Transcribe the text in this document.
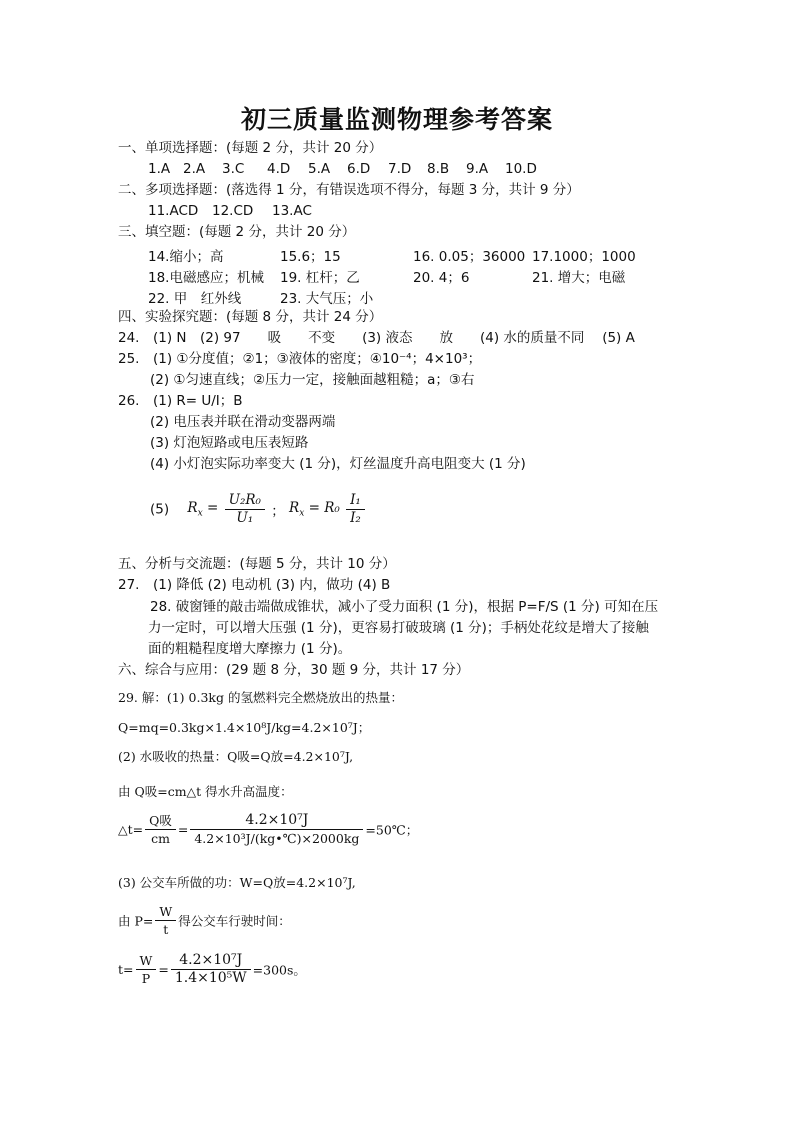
初三质量监测物理参考答案
一、单项选择题：(每题 2 分，共计 20 分）
1.A 2.A 3.C 4.D 5.A 6.D 7.D 8.B 9.A 10.D
二、多项选择题：(落选得 1 分，有错误选项不得分，每题 3 分，共计 9 分）
11.ACD 12.CD 13.AC
三、填空题：(每题 2 分，共计 20 分）
14.缩小；高	15.6；15	16. 0.05；36000 17.1000；1000
18.电磁感应；机械 19. 杠杆；乙	20. 4；6	21. 增大；电磁
22. 甲　红外线	23. 大气压；小
四、实验探究题：(每题 8 分，共计 24 分）
24.　(1) N　(2) 97　　吸　　不变　　(3) 液态　　放　　(4) 水的质量不同　 (5) A
25.　(1) ①分度值；②1；③液体的密度；④10⁻⁴；4×10³；
(2) ①匀速直线；②压力一定，接触面越粗糙；a；③右
26.　(1) R= U/I；B
(2) 电压表并联在滑动变器两端
(3) 灯泡短路或电压表短路
(4) 小灯泡实际功率变大 (1 分)，灯丝温度升高电阻变大 (1 分)
(5) $R_x = \frac{\text{U₂R₀}}{\text{U₁}}$ ； $R_x = R_0 \frac{\text{I₁}}{\text{I₂}}$
五、分析与交流题：(每题 5 分，共计 10 分）
27.　(1) 降低 (2) 电动机 (3) 内，做功 (4) B
28. 破窗锤的敲击端做成锥状，减小了受力面积 (1 分)，根据 P=F/S (1 分) 可知在压
力一定时，可以增大压强 (1 分)，更容易打破玻璃 (1 分)；手柄处花纹是增大了接触
面的粗糙程度增大摩擦力 (1 分)。
六、综合与应用：(29 题 8 分，30 题 9 分，共计 17 分）
29. 解：(1) 0.3kg 的氢燃料完全燃烧放出的热量：
Q=mq=0.3kg×1.4×10⁸J/kg=4.2×10⁷J；
(2) 水吸收的热量：Q吸=Q放=4.2×10⁷J,
由 Q吸=cm△t 得水升高温度：
△t= $\frac{\text{Q吸}}{cm} = \frac{\text{4.2×10⁷J}}{\text{4.2×10³J/(kg•℃)×2000kg}}$ =50℃；
(3) 公交车所做的功：W=Q放=4.2×10⁷J,
由 $P= \frac{W}{t}$ 得公交车行驶时间：
$t= \frac{W}{P} = \frac{\text{4.2×10⁷J}}{\text{1.4×10⁵W}} =300s$。
